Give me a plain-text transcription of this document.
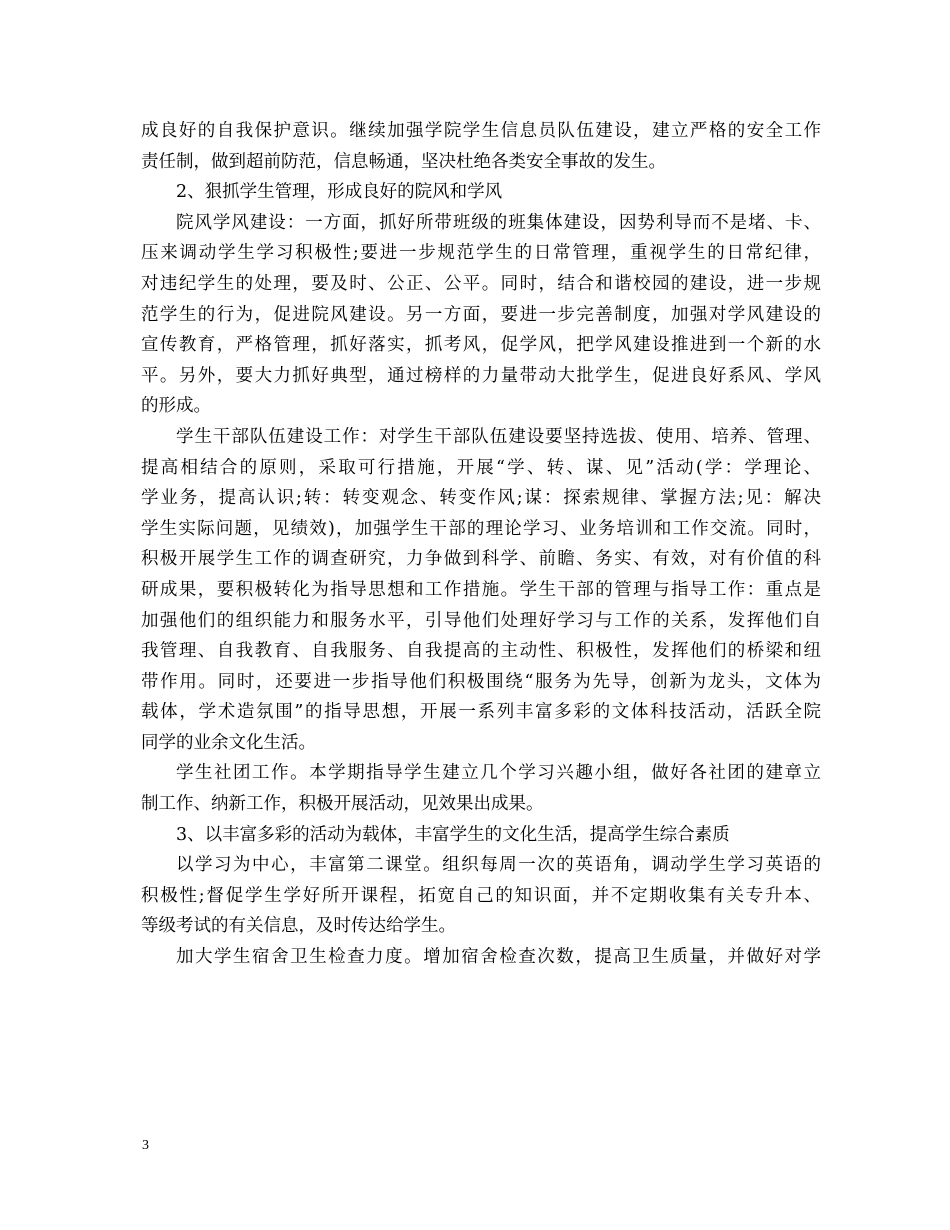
成良好的自我保护意识。继续加强学院学生信息员队伍建设，建立严格的安全工作
责任制，做到超前防范，信息畅通，坚决杜绝各类安全事故的发生。
2、狠抓学生管理，形成良好的院风和学风
院风学风建设：一方面，抓好所带班级的班集体建设，因势利导而不是堵、卡、
压来调动学生学习积极性;要进一步规范学生的日常管理，重视学生的日常纪律，
对违纪学生的处理，要及时、公正、公平。同时，结合和谐校园的建设，进一步规
范学生的行为，促进院风建设。另一方面，要进一步完善制度，加强对学风建设的
宣传教育，严格管理，抓好落实，抓考风，促学风，把学风建设推进到一个新的水
平。另外，要大力抓好典型，通过榜样的力量带动大批学生，促进良好系风、学风
的形成。
学生干部队伍建设工作：对学生干部队伍建设要坚持选拔、使用、培养、管理、
提高相结合的原则，采取可行措施，开展“学、转、谋、见”活动(学：学理论、
学业务，提高认识;转：转变观念、转变作风;谋：探索规律、掌握方法;见：解决
学生实际问题，见绩效)，加强学生干部的理论学习、业务培训和工作交流。同时，
积极开展学生工作的调查研究，力争做到科学、前瞻、务实、有效，对有价值的科
研成果，要积极转化为指导思想和工作措施。学生干部的管理与指导工作：重点是
加强他们的组织能力和服务水平，引导他们处理好学习与工作的关系，发挥他们自
我管理、自我教育、自我服务、自我提高的主动性、积极性，发挥他们的桥梁和纽
带作用。同时，还要进一步指导他们积极围绕“服务为先导，创新为龙头，文体为
载体，学术造氛围”的指导思想，开展一系列丰富多彩的文体科技活动，活跃全院
同学的业余文化生活。
学生社团工作。本学期指导学生建立几个学习兴趣小组，做好各社团的建章立
制工作、纳新工作，积极开展活动，见效果出成果。
3、以丰富多彩的活动为载体，丰富学生的文化生活，提高学生综合素质
以学习为中心，丰富第二课堂。组织每周一次的英语角，调动学生学习英语的
积极性;督促学生学好所开课程，拓宽自己的知识面，并不定期收集有关专升本、
等级考试的有关信息，及时传达给学生。
加大学生宿舍卫生检查力度。增加宿舍检查次数，提高卫生质量，并做好对学
3
